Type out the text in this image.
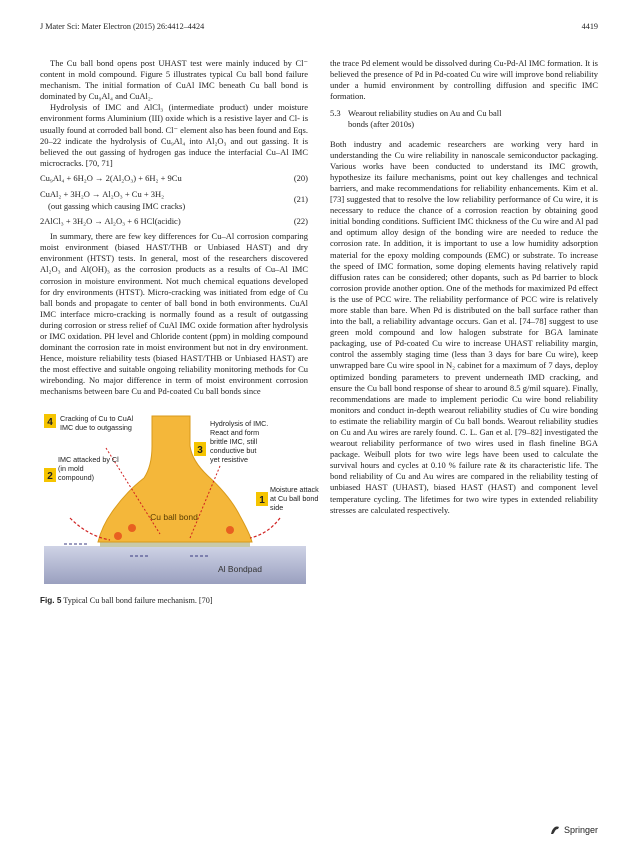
J Mater Sci: Mater Electron (2015) 26:4412–4424	4419

The Cu ball bond opens post UHAST test were mainly induced by Cl⁻ content in mold compound. Figure 5 illustrates typical Cu ball bond failure mechanism. The initial formation of CuAl IMC beneath Cu ball bond is dominated by Cu₉Al₄ and CuAl₂.

Hydrolysis of IMC and AlCl₃ (intermediate product) under moisture environment forms Aluminium (III) oxide which is a resistive layer and Cl- is usually found at corroded ball bond. Cl⁻ element also has been found and Eqs. 20–22 indicate the hydrolysis of Cu₉Al₄ into Al₂O₃ and out gassing. It is believed the out gassing of hydrogen gas induce the interfacial Cu–Al IMC microcracks. [70, 71]

Cu₉Al₄ + 6H₂O → 2(Al₂O₃) + 6H₂ + 9Cu	(20)
CuAl₂ + 3H₂O → Al₂O₃ + Cu + 3H₂
(out gassing which causing IMC cracks)
(21)
2AlCl₃ + 3H₂O → Al₂O₃ + 6 HCl(acidic)	(22)

In summary, there are few key differences for Cu–Al corrosion comparing moist environment (biased HAST/THB or Unbiased HAST) and dry environment (HTST) tests. In general, most of the researchers discovered Al₂O₃ and Al(OH)₃ as the corrosion products as a results of Cu–Al IMC corrosion in moisture environment. Not much chemical equations developed for dry environments (HTST). Micro-cracking was initiated from edge of Cu ball bonds and propagate to center of ball bond in both environments. CuAl IMC interface micro-cracking is normally found as a result of outgassing during corrosion or stress relief of CuAl IMC oxide formation after hydrolysis or IMC oxidation. PH level and Chloride content (ppm) in molding compound dominant the corrosion rate in moist environment but not in dry environment. Hence, moisture reliability tests (biased HAST/THB or Unbiased HAST) are the most effective and suitable ongoing reliability monitoring methods for Cu wirebonding. No major difference in term of moist environment corrosion mechanisms between bare Cu and Pd-coated Cu ball bonds since

Cu ball bond
Al Bondpad
4 Cracking of Cu to CuAl
IMC due to outgassing
2
IMC attacked by Cl
(in mold
compound)
3
Hydrolysis of IMC.
React and form
brittle IMC, still
conductive but
yet resistive
1
Moisture attack
at Cu ball bond
side
Fig. 5 Typical Cu ball bond failure mechanism. [70]

the trace Pd element would be dissolved during Cu-Pd-Al IMC formation. It is believed the presence of Pd in Pd-coated Cu wire will improve bond reliability under a humid environment by controlling diffusion and specific IMC formation.

5.3 Wearout reliability studies on Au and Cu ball
bonds (after 2010s)

Both industry and academic researchers are working very hard in understanding the Cu wire reliability in nanoscale semiconductor packaging. Various works have been conducted to understand its IMC growth, hypothesize its failure mechanisms, point out key challenges and technical barriers, and make recommendations for reliability enhancements. Kim et al. [73] suggested that to resolve the low reliability performance of Cu wire, it is necessary to reduce the chance of a corrosion reaction by obtaining good initial bonding conditions. Sufficient IMC thickness of the Cu wire and Al pad and optimum alloy design of the bonding wire are needed to reduce the corrosion rate. In addition, it is important to use a low humidity adsorption material for the epoxy molding compounds (EMC) or substrate. To increase the speed of IMC formation, some doping elements having relatively rapid diffusion rates can be considered; other dopants, such as Pd barrier to block corrosion provide another option. One of the methods for maximized Pd effect is the use of PCC wire. The reliability performance of PCC wire is relatively more stable than bare. When Pd is distributed on the ball surface rather than into the ball, a reliability advantage occurs. Gan et al. [74–78] suggest to use green mold compound and low halogen substrate for BGA laminate packaging, use of Pd-coated Cu wire to increase UHAST reliability margin, control the assembly staging time (less than 3 days for bare Cu wire), keep unwrapped bare Cu wire spool in N₂ cabinet for a maximum of 7 days, deploy optimized bonding parameters to prevent underneath IMD cracking, and ensure the Cu ball bond response of shear to around 8.5 g/mil square). Finally, recommendations are made to implement periodic Cu wire bond reliability monitors and conduct in-depth wearout reliability studies of Cu wire bonding to estimate the reliability margin of Cu ball bonds. Wearout reliability studies on Cu and Au wires are rarely found. C. L. Gan et al. [79–82] investigated the wearout reliability performance of two wires used in flash fineline BGA package. Weibull plots for two wire legs have been used to calculate the survival hours and cycles at 0.10 % failure rate & its characteristic life. The bond reliability of Cu and Au wires are compared in the reliability testing of unbiased HAST (UHAST), biased HAST (HAST) and component level temperature cycling. The lifetimes for two wire types in extended reliability stresses are calculated respectively.

Springer
